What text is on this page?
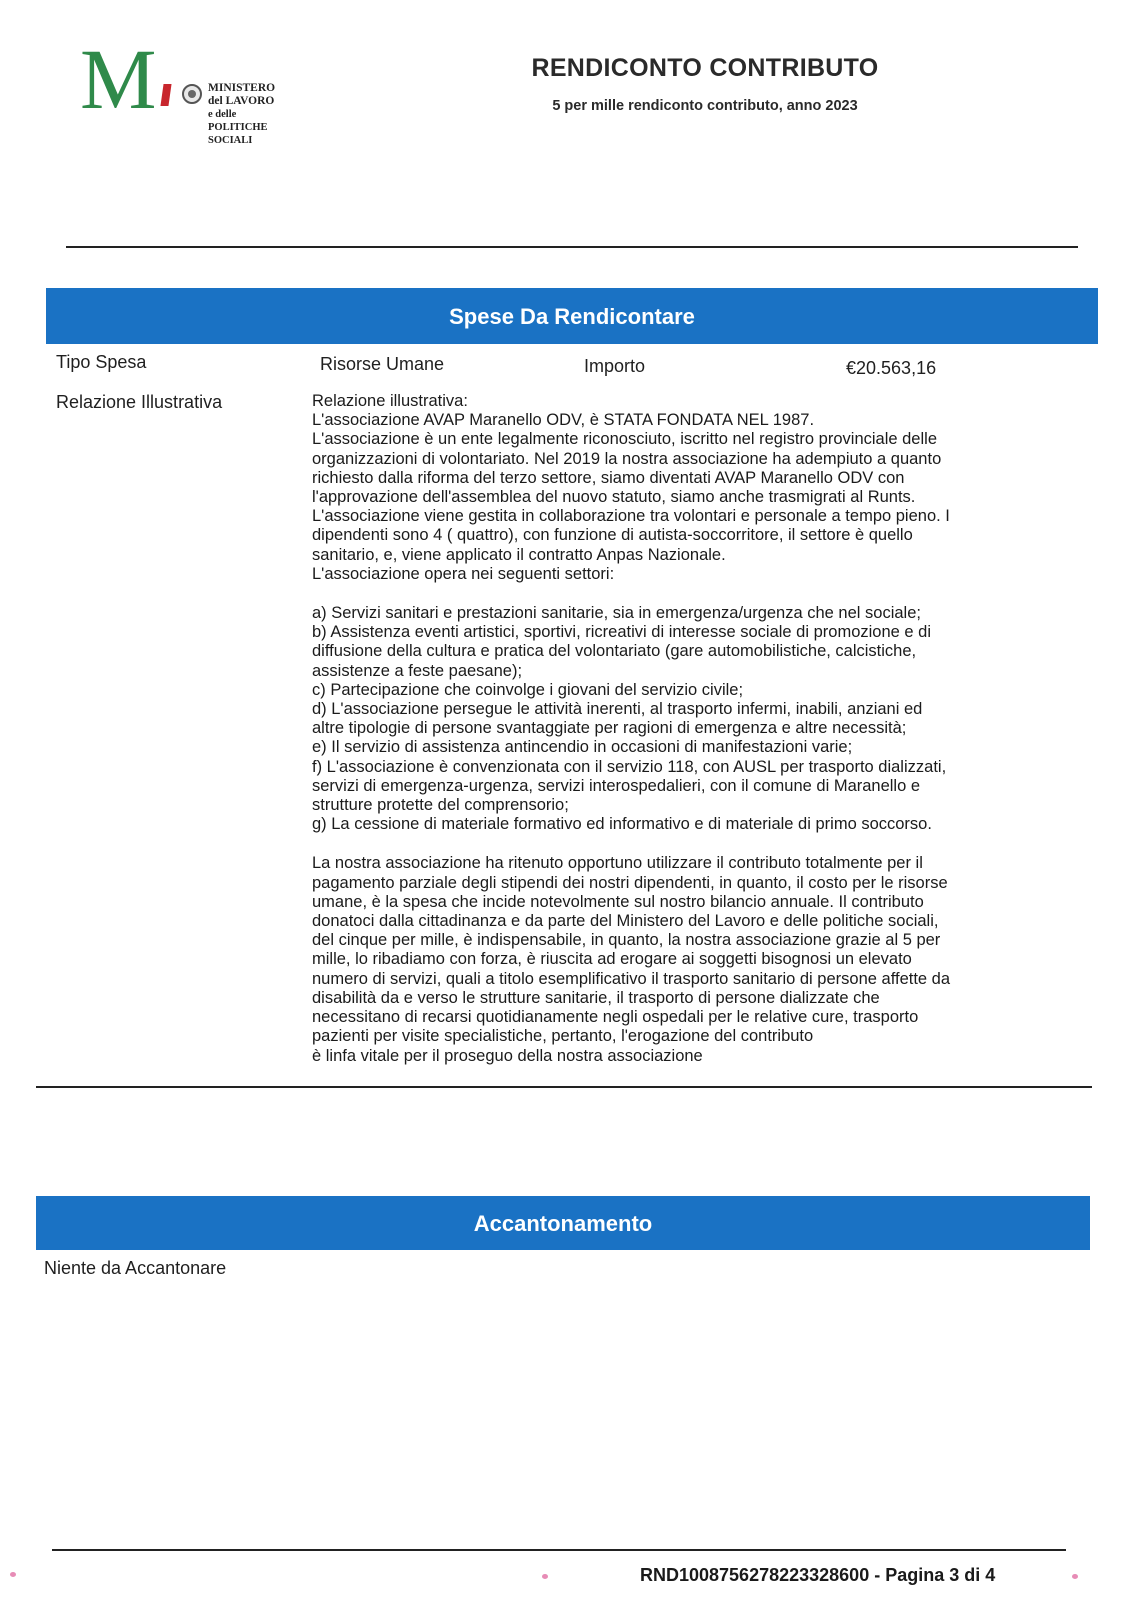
M	MINISTERO del LAVORO
e delle POLITICHE SOCIALI
RENDICONTO CONTRIBUTO
5 per mille rendiconto contributo, anno 2023
Spese Da Rendicontare
Tipo Spesa	Risorse Umane	Importo	€20.563,16
Relazione Illustrativa	Relazione illustrativa:

L'associazione AVAP Maranello ODV, è STATA FONDATA NEL 1987.

L'associazione è un ente legalmente riconosciuto, iscritto nel registro provinciale delle

organizzazioni di volontariato. Nel 2019 la nostra associazione ha adempiuto a quanto

richiesto dalla riforma del terzo settore, siamo diventati AVAP Maranello ODV con

l'approvazione dell'assemblea del nuovo statuto, siamo anche trasmigrati al Runts.

L'associazione viene gestita in collaborazione tra volontari e personale a tempo pieno. I

dipendenti sono 4 ( quattro), con funzione di autista-soccorritore, il settore è quello

sanitario, e, viene applicato il contratto Anpas Nazionale.

L'associazione opera nei seguenti settori:

a) Servizi sanitari e prestazioni sanitarie, sia in emergenza/urgenza che nel sociale;

b) Assistenza eventi artistici, sportivi, ricreativi di interesse sociale di promozione e di

diffusione della cultura e pratica del volontariato (gare automobilistiche, calcistiche,

assistenze a feste paesane);

c) Partecipazione che coinvolge i giovani del servizio civile;

d) L'associazione persegue le attività inerenti, al trasporto infermi, inabili, anziani ed

altre tipologie di persone svantaggiate per ragioni di emergenza e altre necessità;

e) Il servizio di assistenza antincendio in occasioni di manifestazioni varie;

f) L'associazione è convenzionata con il servizio 118, con AUSL per trasporto dializzati,

servizi di emergenza-urgenza, servizi interospedalieri, con il comune di Maranello e

strutture protette del comprensorio;

g) La cessione di materiale formativo ed informativo e di materiale di primo soccorso.

La nostra associazione ha ritenuto opportuno utilizzare il contributo totalmente per il

pagamento parziale degli stipendi dei nostri dipendenti, in quanto, il costo per le risorse

umane, è la spesa che incide notevolmente sul nostro bilancio annuale. Il contributo

donatoci dalla cittadinanza e da parte del Ministero del Lavoro e delle politiche sociali,

del cinque per mille, è indispensabile, in quanto, la nostra associazione grazie al 5 per

mille, lo ribadiamo con forza, è riuscita ad erogare ai soggetti bisognosi un elevato

numero di servizi, quali a titolo esemplificativo il trasporto sanitario di persone affette da

disabilità da e verso le strutture sanitarie, il trasporto di persone dializzate che

necessitano di recarsi quotidianamente negli ospedali per le relative cure, trasporto

pazienti per visite specialistiche, pertanto, l'erogazione del contributo

è linfa vitale per il proseguo della nostra associazione

Accantonamento
Niente da Accantonare
RND1008756278223328600 - Pagina 3 di 4
